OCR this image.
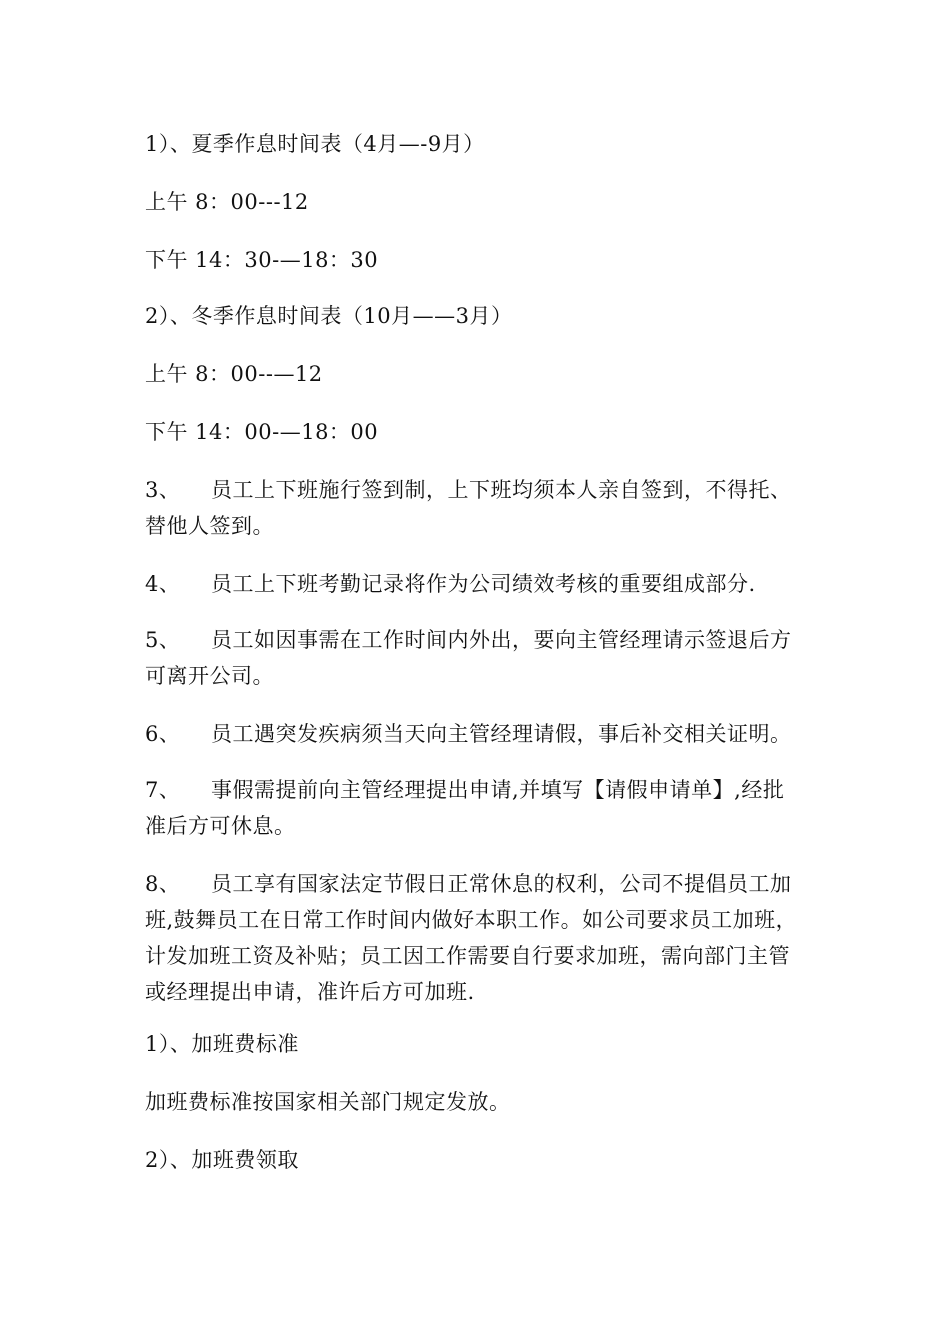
1）、夏季作息时间表（4月—-9月）
上午 8：00---12
下午 14：30-—18：30
2）、冬季作息时间表（10月——3月）
上午 8：00--—12
下午 14：00-—18：00
3、 员工上下班施行签到制，上下班均须本人亲自签到，不得托、替他人签到。
4、 员工上下班考勤记录将作为公司绩效考核的重要组成部分.
5、 员工如因事需在工作时间内外出，要向主管经理请示签退后方可离开公司。
6、 员工遇突发疾病须当天向主管经理请假，事后补交相关证明。
7、 事假需提前向主管经理提出申请,并填写【请假申请单】,经批准后方可休息。
8、 员工享有国家法定节假日正常休息的权利，公司不提倡员工加班,鼓舞员工在日常工作时间内做好本职工作。如公司要求员工加班，计发加班工资及补贴；员工因工作需要自行要求加班，需向部门主管或经理提出申请，准许后方可加班.
1）、加班费标准
加班费标准按国家相关部门规定发放。
2）、加班费领取
